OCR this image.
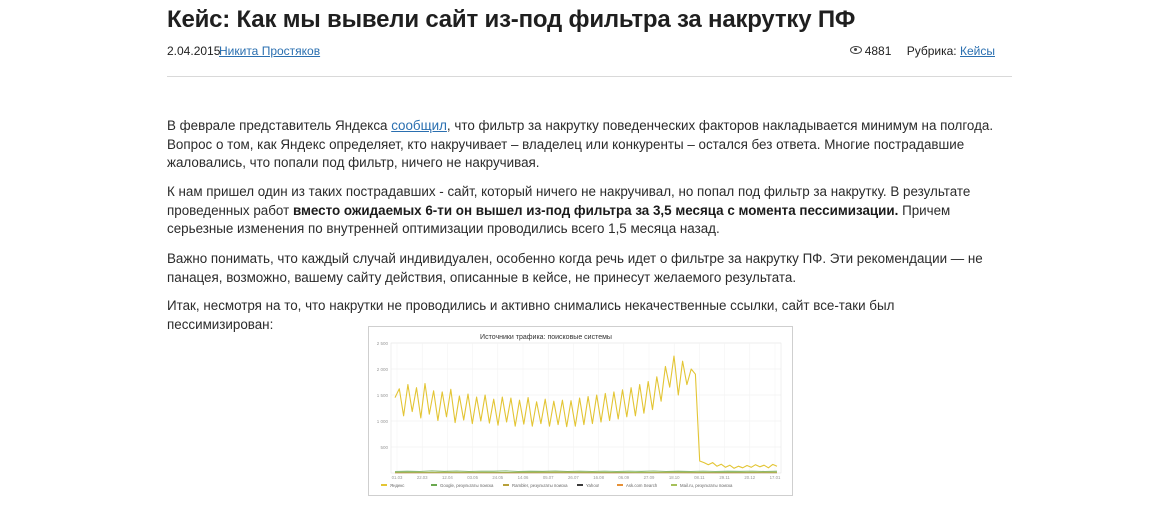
Кейс: Как мы вывели сайт из-под фильтра за накрутку ПФ
2.04.2015
Никита Простяков	4881 Рубрика: Кейсы

В феврале представитель Яндекса сообщил, что фильтр за накрутку поведенческих факторов накладывается минимум на полгода. Вопрос о том, как Яндекс определяет, кто накручивает – владелец или конкуренты – остался без ответа. Многие пострадавшие жаловались, что попали под фильтр, ничего не накручивая.

К нам пришел один из таких пострадавших - сайт, который ничего не накручивал, но попал под фильтр за накрутку. В результате проведенных работ вместо ожидаемых 6-ти он вышел из-под фильтра за 3,5 месяца с момента пессимизации. Причем серьезные изменения по внутренней оптимизации проводились всего 1,5 месяца назад.

Важно понимать, что каждый случай индивидуален, особенно когда речь идет о фильтре за накрутку ПФ. Эти рекомендации — не панацея, возможно, вашему сайту действия, описанные в кейсе, не принесут желаемого результата.

Итак, несмотря на то, что накрутки не проводились и активно снимались некачественные ссылки, сайт все-таки был пессимизирован:

Источники трафика: поисковые системы
2 500
2 000
1 500
1 000
500
01.03	22.03	12.04	03.05	24.05	14.06	05.07	26.07	16.08	06.09	27.09	18.10	08.11	29.11	20.12	17.01
Яндекс	Google, результаты поиска	Rambler, результаты поиска	Yahoo!	Ask.com Search	Mail.ru, результаты поиска
